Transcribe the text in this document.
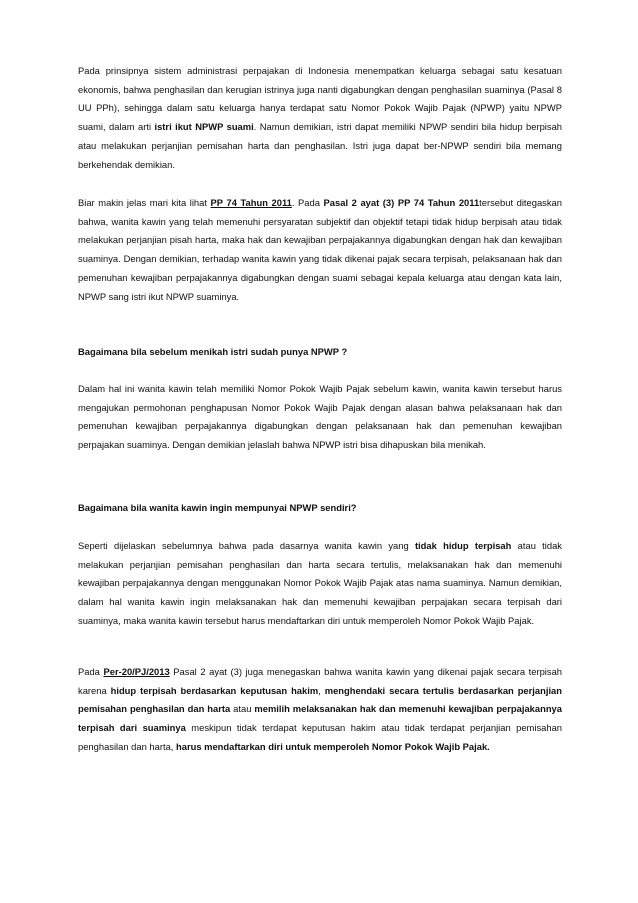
Pada prinsipnya sistem administrasi perpajakan di Indonesia menempatkan keluarga sebagai satu kesatuan ekonomis, bahwa penghasilan dan kerugian istrinya juga nanti digabungkan dengan penghasilan suaminya (Pasal 8 UU PPh), sehingga dalam satu keluarga hanya terdapat satu Nomor Pokok Wajib Pajak (NPWP) yaitu NPWP suami, dalam arti istri ikut NPWP suami. Namun demikian, istri dapat memiliki NPWP sendiri bila hidup berpisah atau melakukan perjanjian pemisahan harta dan penghasilan. Istri juga dapat ber-NPWP sendiri bila memang berkehendak demikian.

Biar makin jelas mari kita lihat PP 74 Tahun 2011. Pada Pasal 2 ayat (3) PP 74 Tahun 2011tersebut ditegaskan bahwa, wanita kawin yang telah memenuhi persyaratan subjektif dan objektif tetapi tidak hidup berpisah atau tidak melakukan perjanjian pisah harta, maka hak dan kewajiban perpajakannya digabungkan dengan hak dan kewajiban suaminya. Dengan demikian, terhadap wanita kawin yang tidak dikenai pajak secara terpisah, pelaksanaan hak dan pemenuhan kewajiban perpajakannya digabungkan dengan suami sebagai kepala keluarga atau dengan kata lain, NPWP sang istri ikut NPWP suaminya.

Bagaimana bila sebelum menikah istri sudah punya NPWP ?

Dalam hal ini wanita kawin telah memiliki Nomor Pokok Wajib Pajak sebelum kawin, wanita kawin tersebut harus mengajukan permohonan penghapusan Nomor Pokok Wajib Pajak dengan alasan bahwa pelaksanaan hak dan pemenuhan kewajiban perpajakannya digabungkan dengan pelaksanaan hak dan pemenuhan kewajiban perpajakan suaminya. Dengan demikian jelaslah bahwa NPWP istri bisa dihapuskan bila menikah.

Bagaimana bila wanita kawin ingin mempunyai NPWP sendiri?

Seperti dijelaskan sebelumnya bahwa pada dasarnya wanita kawin yang tidak hidup terpisah atau tidak melakukan perjanjian pemisahan penghasilan dan harta secara tertulis, melaksanakan hak dan memenuhi kewajiban perpajakannya dengan menggunakan Nomor Pokok Wajib Pajak atas nama suaminya. Namun demikian, dalam hal wanita kawin ingin melaksanakan hak dan memenuhi kewajiban perpajakan secara terpisah dari suaminya, maka wanita kawin tersebut harus mendaftarkan diri untuk memperoleh Nomor Pokok Wajib Pajak.

Pada Per-20/PJ/2013 Pasal 2 ayat (3) juga menegaskan bahwa wanita kawin yang dikenai pajak secara terpisah karena hidup terpisah berdasarkan keputusan hakim, menghendaki secara tertulis berdasarkan perjanjian pemisahan penghasilan dan harta atau memilih melaksanakan hak dan memenuhi kewajiban perpajakannya terpisah dari suaminya meskipun tidak terdapat keputusan hakim atau tidak terdapat perjanjian pemisahan penghasilan dan harta, harus mendaftarkan diri untuk memperoleh Nomor Pokok Wajib Pajak.
